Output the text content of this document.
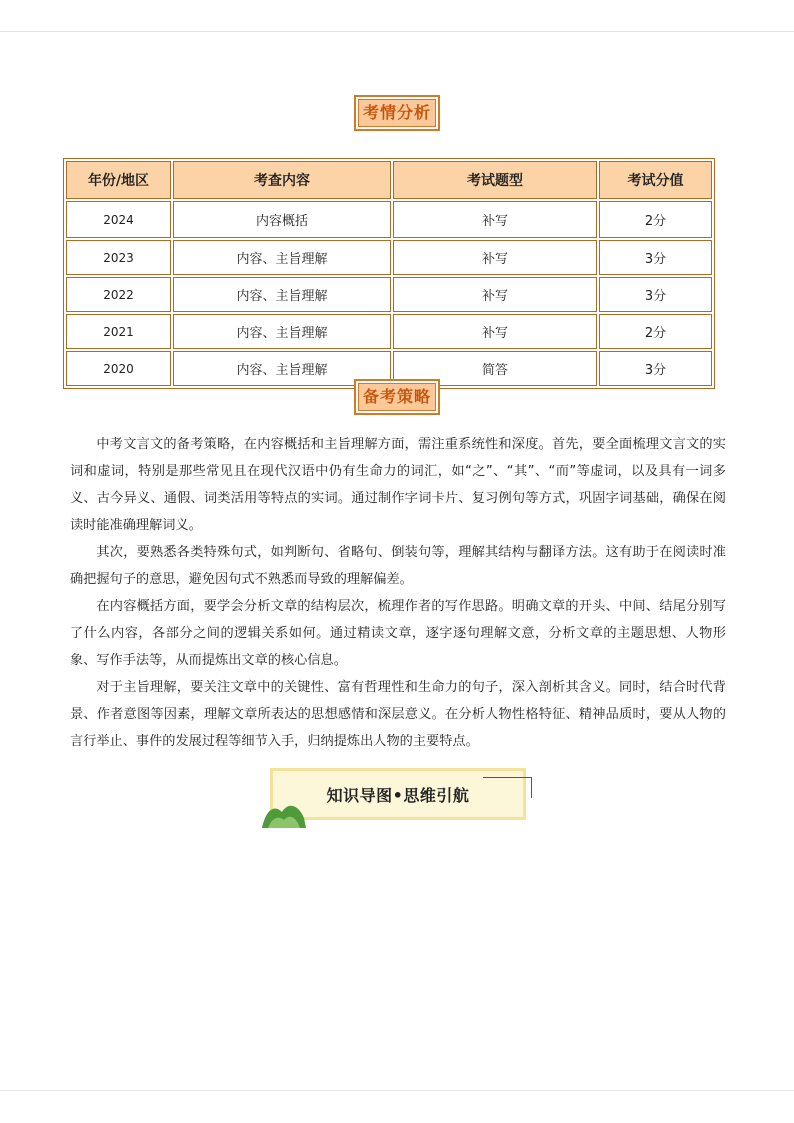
考情分析
年份/地区	考查内容	考试题型	考试分值
2024	内容概括	补写	2分
2023	内容、主旨理解	补写	3分
2022	内容、主旨理解	补写	3分
2021	内容、主旨理解	补写	2分
2020	内容、主旨理解	简答	3分
备考策略

中考文言文的备考策略，在内容概括和主旨理解方面，需注重系统性和深度。首先，要全面梳理文言文的实词和虚词，特别是那些常见且在现代汉语中仍有生命力的词汇，如“之”、“其”、“而”等虚词，以及具有一词多义、古今异义、通假、词类活用等特点的实词。通过制作字词卡片、复习例句等方式，巩固字词基础，确保在阅读时能准确理解词义。

其次，要熟悉各类特殊句式，如判断句、省略句、倒装句等，理解其结构与翻译方法。这有助于在阅读时准确把握句子的意思，避免因句式不熟悉而导致的理解偏差。

在内容概括方面，要学会分析文章的结构层次，梳理作者的写作思路。明确文章的开头、中间、结尾分别写了什么内容，各部分之间的逻辑关系如何。通过精读文章，逐字逐句理解文意，分析文章的主题思想、人物形象、写作手法等，从而提炼出文章的核心信息。

对于主旨理解，要关注文章中的关键性、富有哲理性和生命力的句子，深入剖析其含义。同时，结合时代背景、作者意图等因素，理解文章所表达的思想感情和深层意义。在分析人物性格特征、精神品质时，要从人物的言行举止、事件的发展过程等细节入手，归纳提炼出人物的主要特点。

知识导图•思维引航
